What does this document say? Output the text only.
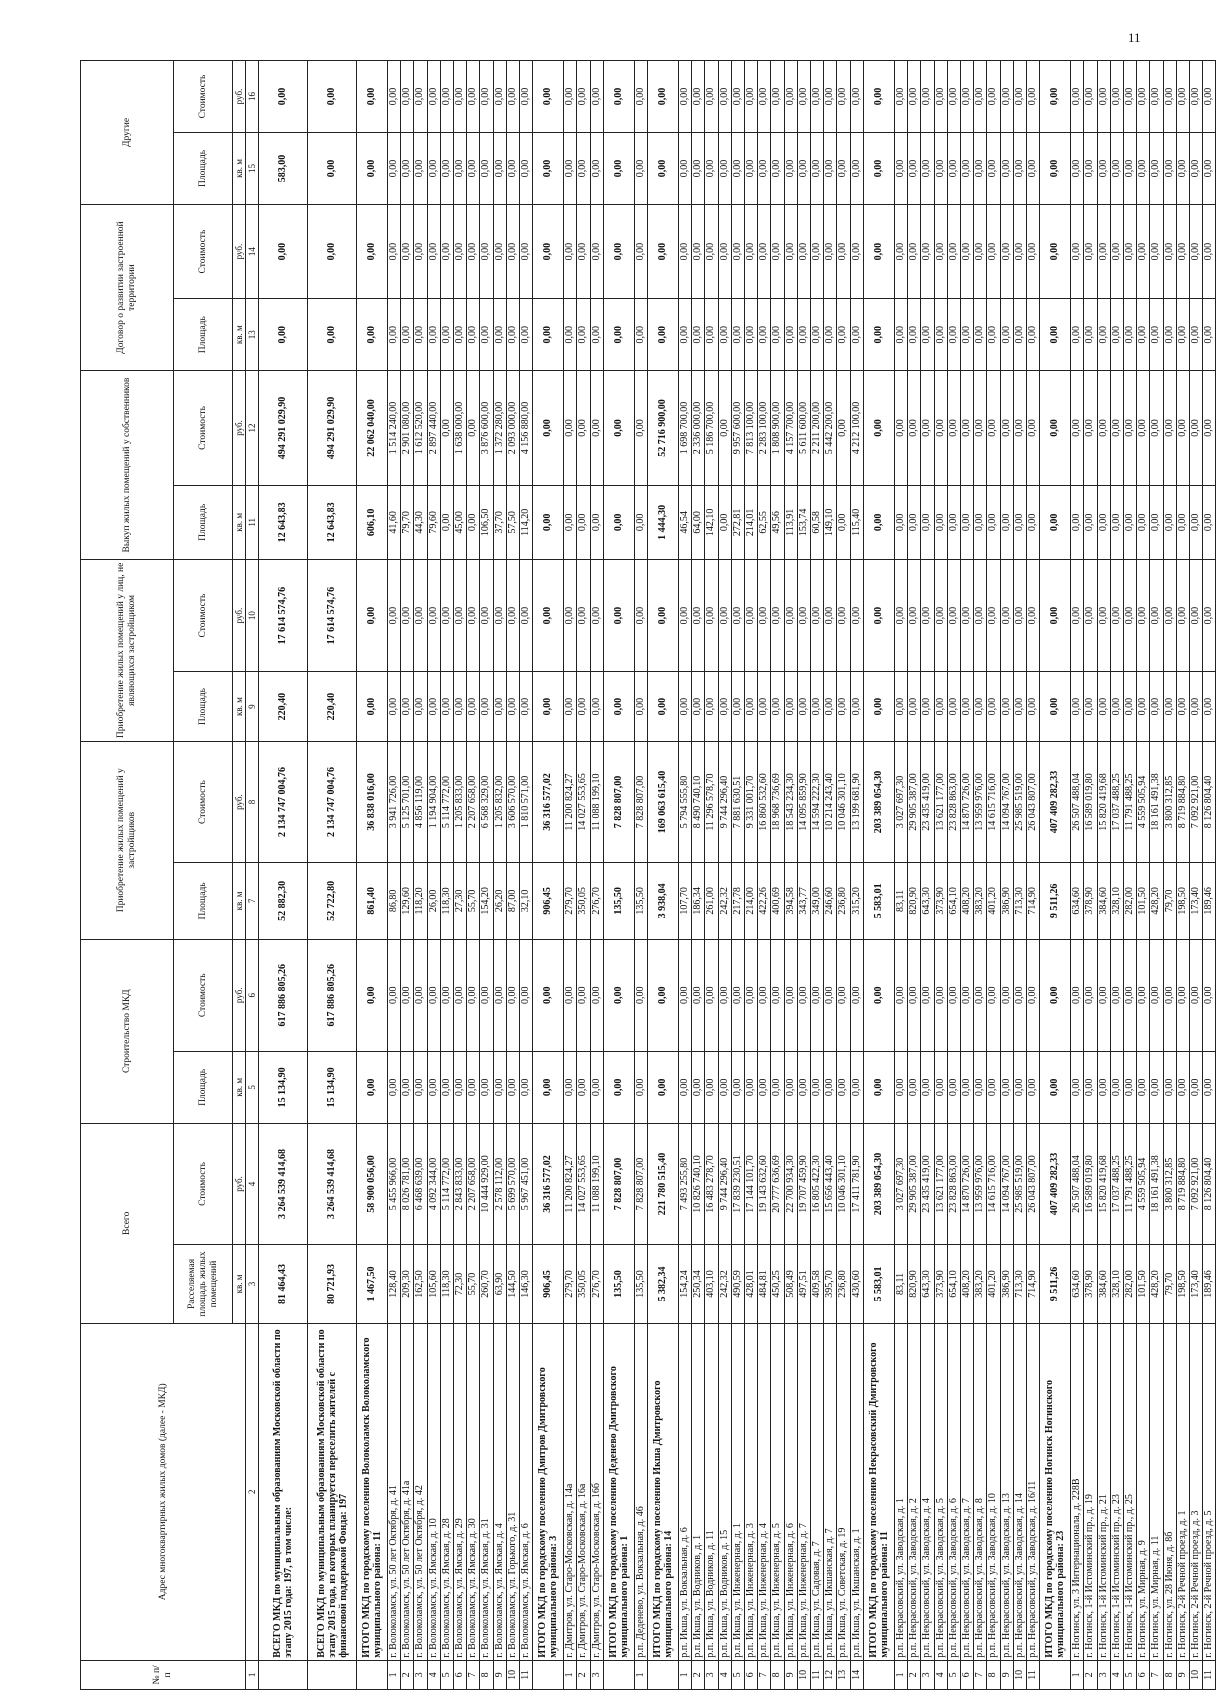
11
№ п/п	Адрес многоквартирных жилых домов (далее - МКД)	Всего		Строительство МКД		Приобретение жилых помещений у застройщиков		Приобретение жилых помещений у лиц, не являющихся застройщиком		Выкуп жилых помещений у собственников		Договор о развитии застроенной территории		Другие	
		Расселяемая площадь жилых помещений	Стоимость	Площадь	Стоимость	Площадь	Стоимость	Площадь	Стоимость	Площадь	Стоимость	Площадь	Стоимость	Площадь	Стоимость
		кв. м	руб.	кв. м	руб.	кв. м	руб.	кв. м	руб.	кв. м	руб.	кв. м	руб.	кв. м	руб.
1	2	3	4	5	6	7	8	9	10	11	12	13	14	15	16
	ВСЕГО МКД по муниципальным образованиям Московской области по этапу 2015 года: 197, в том числе:	81 464,43	3 264 539 414,68	15 134,90	617 886 805,26	52 882,30	2 134 747 004,76	220,40	17 614 574,76	12 643,83	494 291 029,90	0,00	0,00	583,00	0,00
	ВСЕГО МКД по муниципальным образованиям Московской области по этапу 2015 года, из которых планируется переселить жителей с финансовой поддержкой Фонда: 197	80 721,93	3 264 539 414,68	15 134,90	617 886 805,26	52 722,80	2 134 747 004,76	220,40	17 614 574,76	12 643,83	494 291 029,90	0,00	0,00	0,00	0,00
	ИТОГО МКД по городскому поселению Волоколамск Волоколамского муниципального района: 11	1 467,50	58 900 056,00	0,00	0,00	861,40	36 838 016,00	0,00	0,00	606,10	22 062 040,00	0,00	0,00	0,00	0,00
1	г. Волоколамск, ул. 50 лет Октября, д. 41	128,40	5 455 966,00	0,00	0,00	86,80	3 941 726,00	0,00	0,00	41,60	1 514 240,00	0,00	0,00	0,00	0,00
2	г. Волоколамск, ул. 50 лет Октября, д. 41а	209,30	8 026 781,00	0,00	0,00	129,60	5 125 701,00	0,00	0,00	79,70	2 901 080,00	0,00	0,00	0,00	0,00
3	г. Волоколамск, ул. 50 лет Октября, д. 42	162,50	6 468 639,00	0,00	0,00	118,20	4 856 119,00	0,00	0,00	44,30	1 612 520,00	0,00	0,00	0,00	0,00
4	г. Волоколамск, ул. Ямская, д. 10	105,60	4 092 344,00	0,00	0,00	26,00	1 194 904,00	0,00	0,00	79,60	2 897 440,00	0,00	0,00	0,00	0,00
5	г. Волоколамск, ул. Ямская, д. 28	118,30	5 114 772,00	0,00	0,00	118,30	5 114 772,00	0,00	0,00	0,00	0,00	0,00	0,00	0,00	0,00
6	г. Волоколамск, ул. Ямская, д. 29	72,30	2 843 833,00	0,00	0,00	27,30	1 205 833,00	0,00	0,00	45,00	1 638 000,00	0,00	0,00	0,00	0,00
7	г. Волоколамск, ул. Ямская, д. 30	55,70	2 207 658,00	0,00	0,00	55,70	2 207 658,00	0,00	0,00	0,00	0,00	0,00	0,00	0,00	0,00
8	г. Волоколамск, ул. Ямская, д. 31	260,70	10 444 929,00	0,00	0,00	154,20	6 568 329,00	0,00	0,00	106,50	3 876 600,00	0,00	0,00	0,00	0,00
9	г. Волоколамск, ул. Ямская, д. 4	63,90	2 578 112,00	0,00	0,00	26,20	1 205 832,00	0,00	0,00	37,70	1 372 280,00	0,00	0,00	0,00	0,00
10	г. Волоколамск, ул. Горького, д. 31	144,50	5 699 570,00	0,00	0,00	87,00	3 606 570,00	0,00	0,00	57,50	2 093 000,00	0,00	0,00	0,00	0,00
11	г. Волоколамск, ул. Ямская, д. 6	146,30	5 967 451,00	0,00	0,00	32,10	1 810 571,00	0,00	0,00	114,20	4 156 880,00	0,00	0,00	0,00	0,00
	ИТОГО МКД по городскому поселению Дмитров Дмитровского муниципального района: 3	906,45	36 316 577,02	0,00	0,00	906,45	36 316 577,02	0,00	0,00	0,00	0,00	0,00	0,00	0,00	0,00
1	г. Дмитров, ул. Старо-Московская, д. 14а	279,70	11 200 824,27	0,00	0,00	279,70	11 200 824,27	0,00	0,00	0,00	0,00	0,00	0,00	0,00	0,00
2	г. Дмитров, ул. Старо-Московская, д. 16а	350,05	14 027 553,65	0,00	0,00	350,05	14 027 553,65	0,00	0,00	0,00	0,00	0,00	0,00	0,00	0,00
3	г. Дмитров, ул. Старо-Московская, д. 16б	276,70	11 088 199,10	0,00	0,00	276,70	11 088 199,10	0,00	0,00	0,00	0,00	0,00	0,00	0,00	0,00
	ИТОГО МКД по городскому поселению Деденево Дмитровского муниципального района: 1	135,50	7 828 807,00	0,00	0,00	135,50	7 828 807,00	0,00	0,00	0,00	0,00	0,00	0,00	0,00	0,00
1	р.п. Деденево, ул. Вокзальная, д. 46	135,50	7 828 807,00	0,00	0,00	135,50	7 828 807,00	0,00	0,00	0,00	0,00	0,00	0,00	0,00	0,00
	ИТОГО МКД по городскому поселению Икша Дмитровского муниципального района: 14	5 382,34	221 780 515,40	0,00	0,00	3 938,04	169 063 615,40	0,00	0,00	1 444,30	52 716 900,00	0,00	0,00	0,00	0,00
1	р.п. Икша, ул. Вокзальная, д. 6	154,24	7 493 255,80	0,00	0,00	107,70	5 794 555,80	0,00	0,00	46,54	1 698 700,00	0,00	0,00	0,00	0,00
2	р.п. Икша, ул. Водников, д. 1	250,34	10 826 740,10	0,00	0,00	186,34	8 490 740,10	0,00	0,00	64,00	2 336 000,00	0,00	0,00	0,00	0,00
3	р.п. Икша, ул. Водников, д. 11	403,10	16 483 278,70	0,00	0,00	261,00	11 296 578,70	0,00	0,00	142,10	5 186 700,00	0,00	0,00	0,00	0,00
4	р.п. Икша, ул. Водников, д. 15	242,32	9 744 296,40	0,00	0,00	242,32	9 744 296,40	0,00	0,00	0,00	0,00	0,00	0,00	0,00	0,00
5	р.п. Икша, ул. Инженерная, д. 1	490,59	17 839 230,51	0,00	0,00	217,78	7 881 630,51	0,00	0,00	272,81	9 957 600,00	0,00	0,00	0,00	0,00
6	р.п. Икша, ул. Инженерная, д. 3	428,01	17 144 101,70	0,00	0,00	214,00	9 331 001,70	0,00	0,00	214,01	7 813 100,00	0,00	0,00	0,00	0,00
7	р.п. Икша, ул. Инженерная, д. 4	484,81	19 143 632,60	0,00	0,00	422,26	16 860 532,60	0,00	0,00	62,55	2 283 100,00	0,00	0,00	0,00	0,00
8	р.п. Икша, ул. Инженерная, д. 5	450,25	20 777 636,69	0,00	0,00	400,69	18 968 736,69	0,00	0,00	49,56	1 808 900,00	0,00	0,00	0,00	0,00
9	р.п. Икша, ул. Инженерная, д. 6	508,49	22 700 934,30	0,00	0,00	394,58	18 543 234,30	0,00	0,00	113,91	4 157 700,00	0,00	0,00	0,00	0,00
10	р.п. Икша, ул. Инженерная, д. 7	497,51	19 707 459,90	0,00	0,00	343,77	14 095 859,90	0,00	0,00	153,74	5 611 600,00	0,00	0,00	0,00	0,00
11	р.п. Икша, ул. Садовая, д. 7	409,58	16 805 422,30	0,00	0,00	349,00	14 594 222,30	0,00	0,00	60,58	2 211 200,00	0,00	0,00	0,00	0,00
12	р.п. Икша, ул. Икшанская, д. 7	395,70	15 656 443,40	0,00	0,00	246,60	10 214 243,40	0,00	0,00	149,10	5 442 200,00	0,00	0,00	0,00	0,00
13	р.п. Икша, ул. Советская, д. 19	236,80	10 046 301,10	0,00	0,00	236,80	10 046 301,10	0,00	0,00	0,00	0,00	0,00	0,00	0,00	0,00
14	р.п. Икша, ул. Икшанская, д. 1	430,60	17 411 781,90	0,00	0,00	315,20	13 199 681,90	0,00	0,00	115,40	4 212 100,00	0,00	0,00	0,00	0,00
	ИТОГО МКД по городскому поселению Некрасовский Дмитровского муниципального района: 11	5 583,01	203 389 054,30	0,00	0,00	5 583,01	203 389 054,30	0,00	0,00	0,00	0,00	0,00	0,00	0,00	0,00
1	р.п. Некрасовский, ул. Заводская, д. 1	83,11	3 027 697,30	0,00	0,00	83,11	3 027 697,30	0,00	0,00	0,00	0,00	0,00	0,00	0,00	0,00
2	р.п. Некрасовский, ул. Заводская, д. 2	820,90	29 905 387,00	0,00	0,00	820,90	29 905 387,00	0,00	0,00	0,00	0,00	0,00	0,00	0,00	0,00
3	р.п. Некрасовский, ул. Заводская, д. 4	643,30	23 435 419,00	0,00	0,00	643,30	23 435 419,00	0,00	0,00	0,00	0,00	0,00	0,00	0,00	0,00
4	р.п. Некрасовский, ул. Заводская, д. 5	373,90	13 621 177,00	0,00	0,00	373,90	13 621 177,00	0,00	0,00	0,00	0,00	0,00	0,00	0,00	0,00
5	р.п. Некрасовский, ул. Заводская, д. 6	654,10	23 828 863,00	0,00	0,00	654,10	23 828 863,00	0,00	0,00	0,00	0,00	0,00	0,00	0,00	0,00
6	р.п. Некрасовский, ул. Заводская, д. 7	408,20	14 870 726,00	0,00	0,00	408,20	14 870 726,00	0,00	0,00	0,00	0,00	0,00	0,00	0,00	0,00
7	р.п. Некрасовский, ул. Заводская, д. 8	383,20	13 959 976,00	0,00	0,00	383,20	13 959 976,00	0,00	0,00	0,00	0,00	0,00	0,00	0,00	0,00
8	р.п. Некрасовский, ул. Заводская, д. 10	401,20	14 615 716,00	0,00	0,00	401,20	14 615 716,00	0,00	0,00	0,00	0,00	0,00	0,00	0,00	0,00
9	р.п. Некрасовский, ул. Заводская, д. 13	386,90	14 094 767,00	0,00	0,00	386,90	14 094 767,00	0,00	0,00	0,00	0,00	0,00	0,00	0,00	0,00
10	р.п. Некрасовский, ул. Заводская, д. 14	713,30	25 985 519,00	0,00	0,00	713,30	25 985 519,00	0,00	0,00	0,00	0,00	0,00	0,00	0,00	0,00
11	р.п. Некрасовский, ул. Заводская, д. 16/11	714,90	26 043 807,00	0,00	0,00	714,90	26 043 807,00	0,00	0,00	0,00	0,00	0,00	0,00	0,00	0,00
	ИТОГО МКД по городскому поселению Ногинск Ногинского муниципального района: 23	9 511,26	407 409 282,33	0,00	0,00	9 511,26	407 409 282,33	0,00	0,00	0,00	0,00	0,00	0,00	0,00	0,00
1	г. Ногинск, ул. 3 Интернационала, д. 228В	634,60	26 507 488,04	0,00	0,00	634,60	26 507 488,04	0,00	0,00	0,00	0,00	0,00	0,00	0,00	0,00
2	г. Ногинск, 1-й Истоминский пр., д. 19	378,90	16 589 019,80	0,00	0,00	378,90	16 589 019,80	0,00	0,00	0,00	0,00	0,00	0,00	0,00	0,00
3	г. Ногинск, 1-й Истоминский пр., д. 21	384,60	15 820 419,68	0,00	0,00	384,60	15 820 419,68	0,00	0,00	0,00	0,00	0,00	0,00	0,00	0,00
4	г. Ногинск, 1-й Истоминский пр., д. 23	328,10	17 037 488,25	0,00	0,00	328,10	17 037 488,25	0,00	0,00	0,00	0,00	0,00	0,00	0,00	0,00
5	г. Ногинск, 1-й Истоминский пр., д. 25	282,00	11 791 488,25	0,00	0,00	282,00	11 791 488,25	0,00	0,00	0,00	0,00	0,00	0,00	0,00	0,00
6	г. Ногинск, ул. Мирная, д. 9	101,50	4 559 505,94	0,00	0,00	101,50	4 559 505,94	0,00	0,00	0,00	0,00	0,00	0,00	0,00	0,00
7	г. Ногинск, ул. Мирная, д. 11	428,20	18 161 491,38	0,00	0,00	428,20	18 161 491,38	0,00	0,00	0,00	0,00	0,00	0,00	0,00	0,00
8	г. Ногинск, ул. 28 Июня, д. 8б	79,70	3 800 312,85	0,00	0,00	79,70	3 800 312,85	0,00	0,00	0,00	0,00	0,00	0,00	0,00	0,00
9	г. Ногинск, 2-й Речной проезд, д. 1	198,50	8 719 884,80	0,00	0,00	198,50	8 719 884,80	0,00	0,00	0,00	0,00	0,00	0,00	0,00	0,00
10	г. Ногинск, 2-й Речной проезд, д. 3	173,40	7 092 921,00	0,00	0,00	173,40	7 092 921,00	0,00	0,00	0,00	0,00	0,00	0,00	0,00	0,00
11	г. Ногинск, 2-й Речной проезд, д. 5	189,46	8 126 804,40	0,00	0,00	189,46	8 126 804,40	0,00	0,00	0,00	0,00	0,00	0,00	0,00	0,00
